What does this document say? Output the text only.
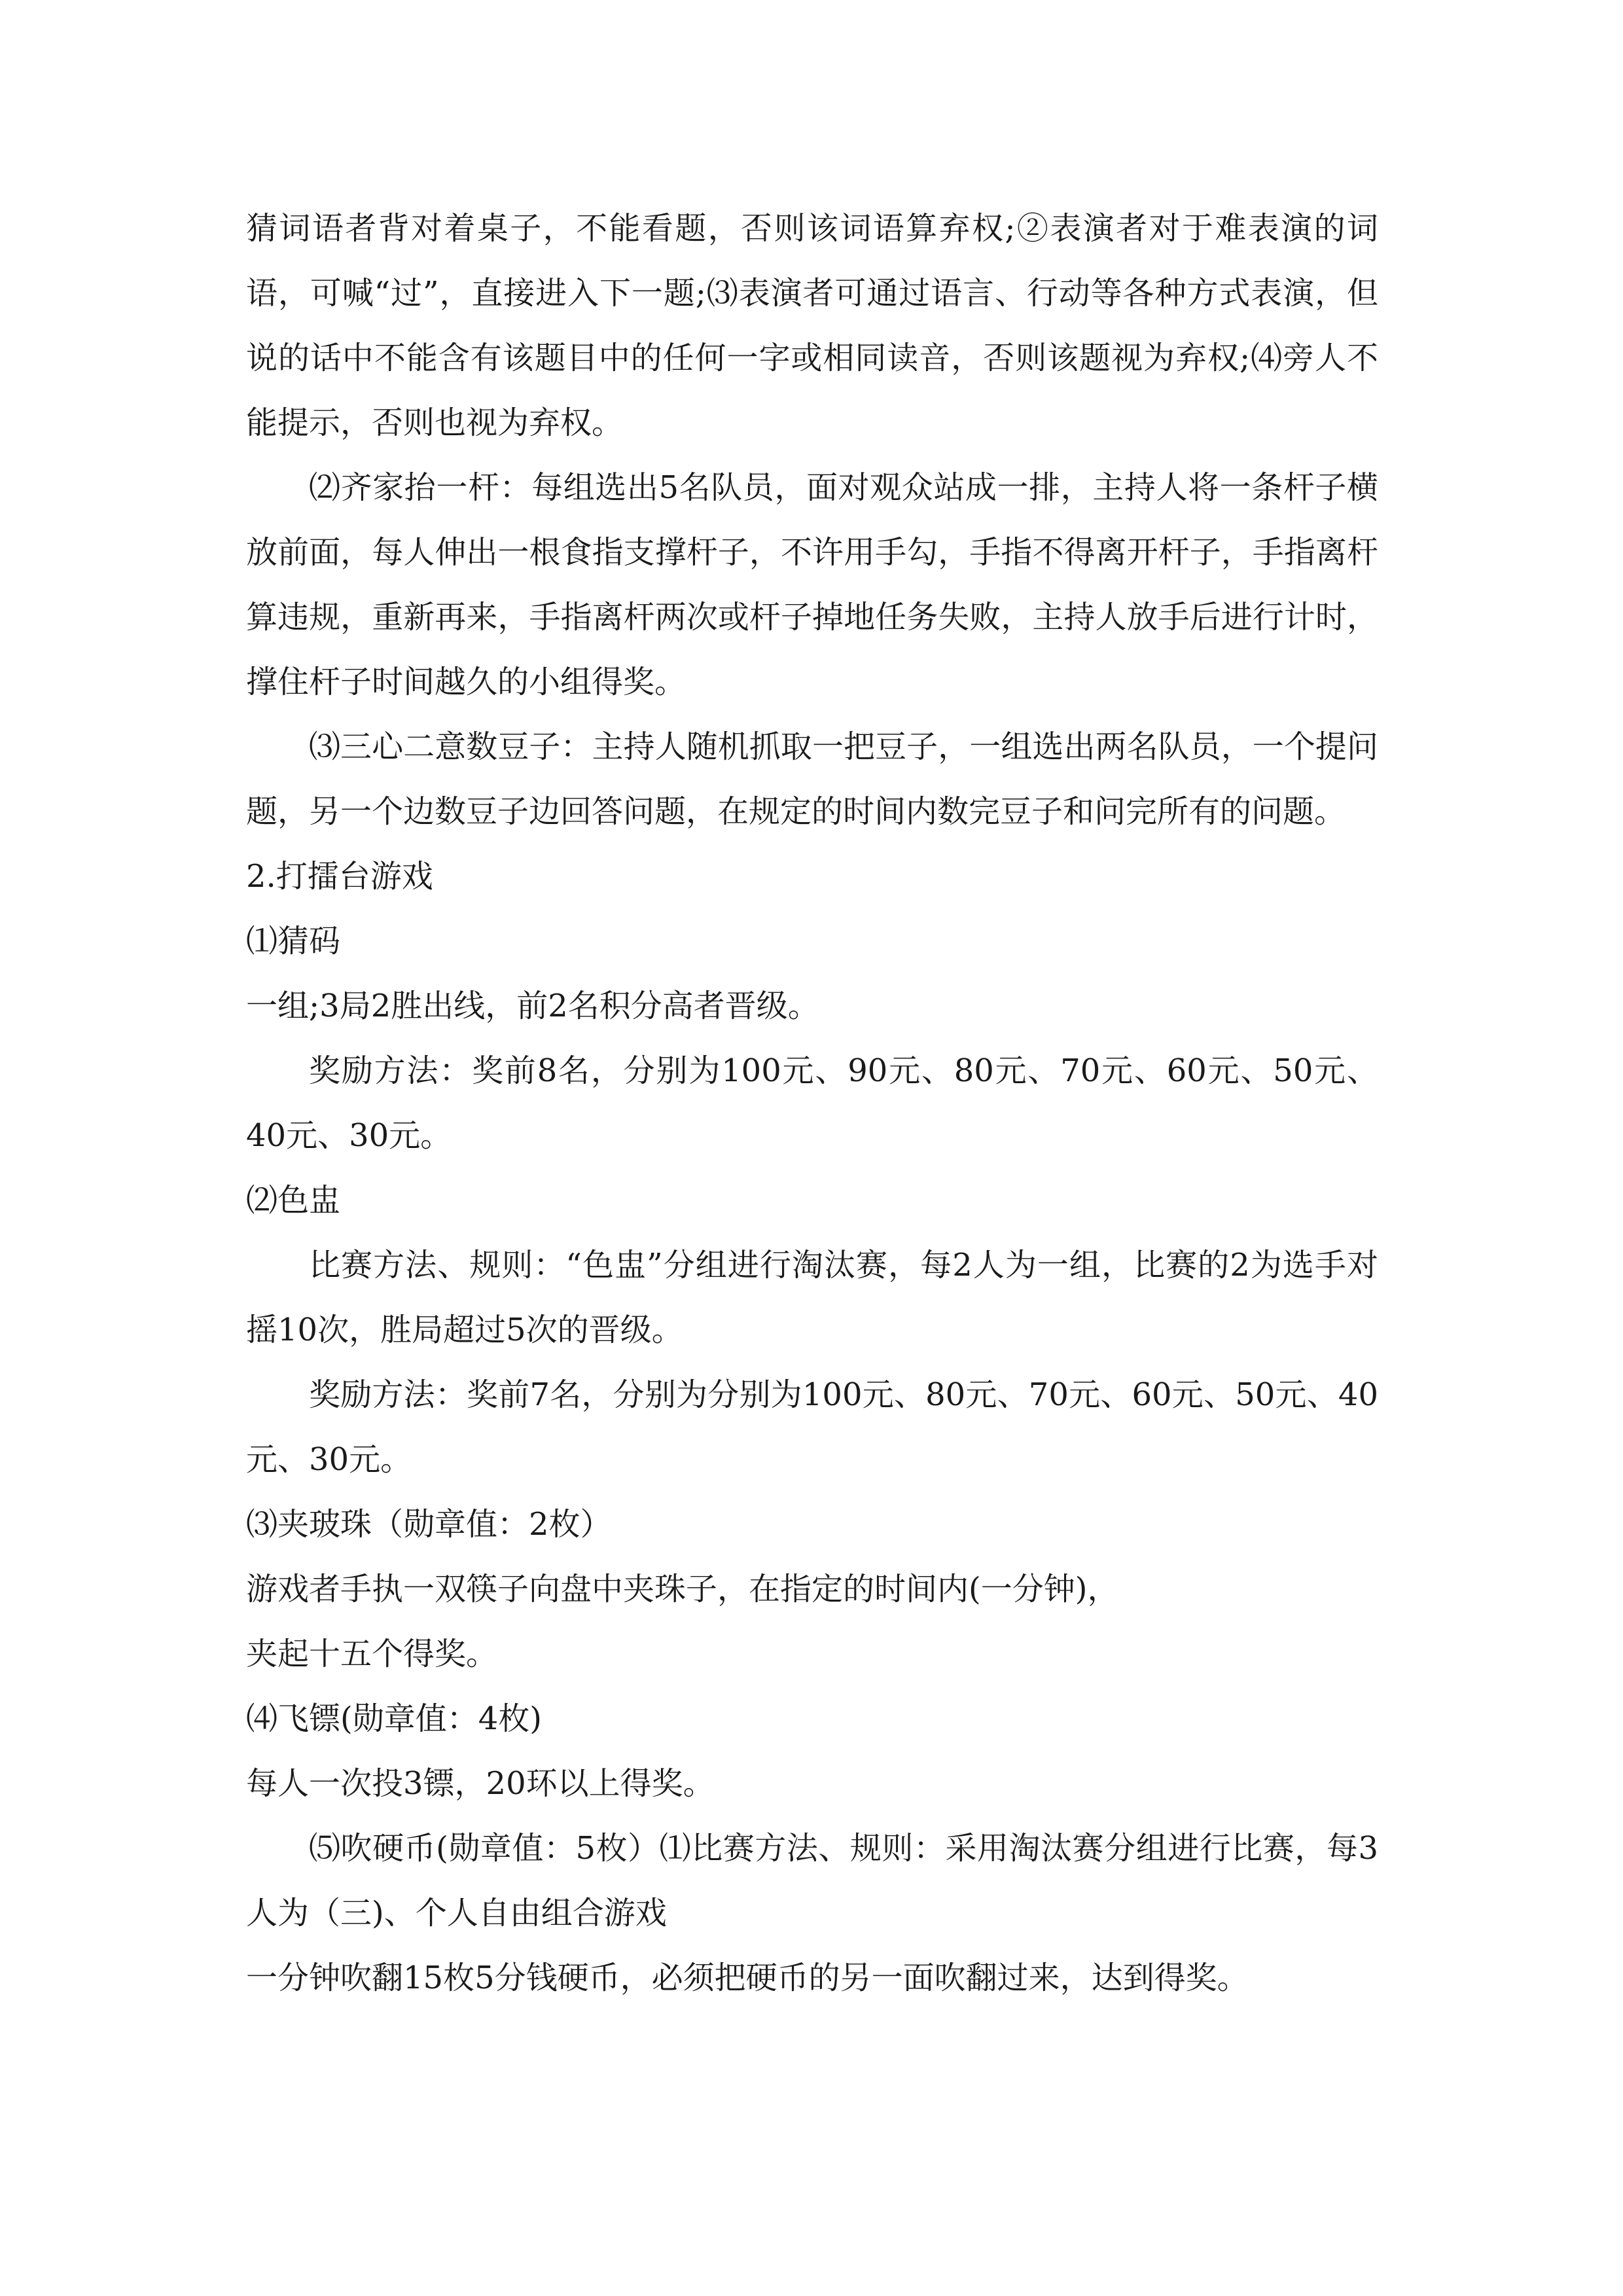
猜词语者背对着桌子，不能看题，否则该词语算弃权;②表演者对于难表演的词语，可喊“过”，直接进入下一题;⑶表演者可通过语言、行动等各种方式表演，但说的话中不能含有该题目中的任何一字或相同读音，否则该题视为弃权;⑷旁人不能提示，否则也视为弃权。

⑵齐家抬一杆：每组选出5名队员，面对观众站成一排，主持人将一条杆子横放前面，每人伸出一根食指支撑杆子，不许用手勾，手指不得离开杆子，手指离杆算违规，重新再来，手指离杆两次或杆子掉地任务失败，主持人放手后进行计时，撑住杆子时间越久的小组得奖。

⑶三心二意数豆子：主持人随机抓取一把豆子，一组选出两名队员，一个提问题，另一个边数豆子边回答问题，在规定的时间内数完豆子和问完所有的问题。

2.打擂台游戏

⑴猜码

一组;3局2胜出线，前2名积分高者晋级。

奖励方法：奖前8名，分别为100元、90元、80元、70元、60元、50元、40元、30元。

⑵色盅

比赛方法、规则：“色盅”分组进行淘汰赛，每2人为一组，比赛的2为选手对摇10次，胜局超过5次的晋级。

奖励方法：奖前7名，分别为分别为100元、80元、70元、60元、50元、40元、30元。

⑶夹玻珠（勋章值：2枚）

游戏者手执一双筷子向盘中夹珠子，在指定的时间内(一分钟)，

夹起十五个得奖。

⑷飞镖(勋章值：4枚)

每人一次投3镖，20环以上得奖。

⑸吹硬币(勋章值：5枚）⑴比赛方法、规则：采用淘汰赛分组进行比赛，每3人为（三)、个人自由组合游戏

一分钟吹翻15枚5分钱硬币，必须把硬币的另一面吹翻过来，达到得奖。
